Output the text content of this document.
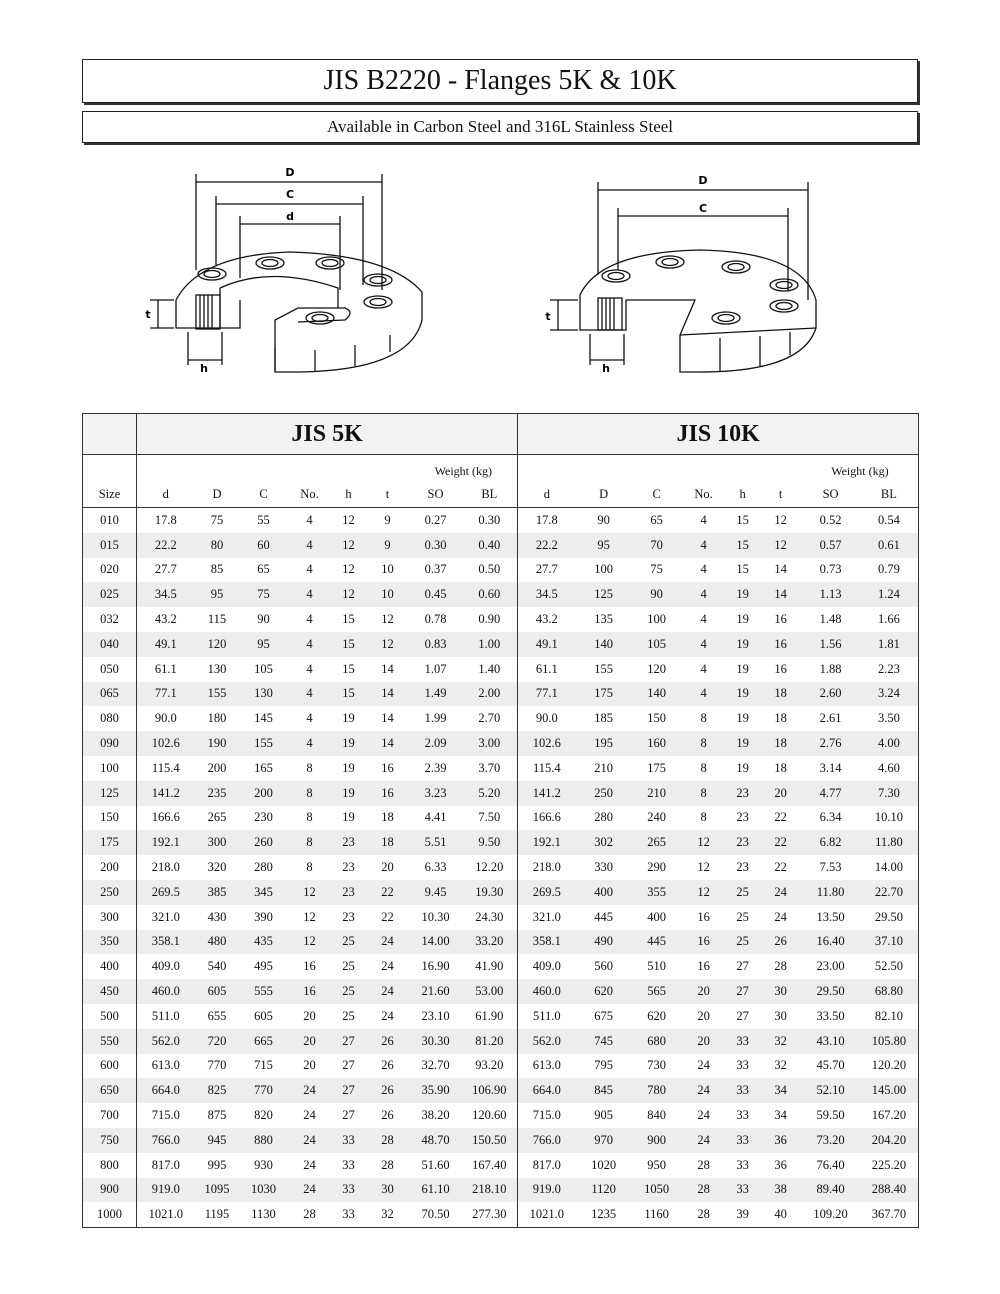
JIS B2220 - Flanges 5K & 10K
Available in Carbon Steel and 316L Stainless Steel
D
C
d
t
h
D
C
t
h
	JIS 5K								JIS 10K							
							Weight (kg)								Weight (kg)	
Size	d	D	C	No.	h	t	SO	BL	d	D	C	No.	h	t	SO	BL
010	17.8	75	55	4	12	9	0.27	0.30	17.8	90	65	4	15	12	0.52	0.54
015	22.2	80	60	4	12	9	0.30	0.40	22.2	95	70	4	15	12	0.57	0.61
020	27.7	85	65	4	12	10	0.37	0.50	27.7	100	75	4	15	14	0.73	0.79
025	34.5	95	75	4	12	10	0.45	0.60	34.5	125	90	4	19	14	1.13	1.24
032	43.2	115	90	4	15	12	0.78	0.90	43.2	135	100	4	19	16	1.48	1.66
040	49.1	120	95	4	15	12	0.83	1.00	49.1	140	105	4	19	16	1.56	1.81
050	61.1	130	105	4	15	14	1.07	1.40	61.1	155	120	4	19	16	1.88	2.23
065	77.1	155	130	4	15	14	1.49	2.00	77.1	175	140	4	19	18	2.60	3.24
080	90.0	180	145	4	19	14	1.99	2.70	90.0	185	150	8	19	18	2.61	3.50
090	102.6	190	155	4	19	14	2.09	3.00	102.6	195	160	8	19	18	2.76	4.00
100	115.4	200	165	8	19	16	2.39	3.70	115.4	210	175	8	19	18	3.14	4.60
125	141.2	235	200	8	19	16	3.23	5.20	141.2	250	210	8	23	20	4.77	7.30
150	166.6	265	230	8	19	18	4.41	7.50	166.6	280	240	8	23	22	6.34	10.10
175	192.1	300	260	8	23	18	5.51	9.50	192.1	302	265	12	23	22	6.82	11.80
200	218.0	320	280	8	23	20	6.33	12.20	218.0	330	290	12	23	22	7.53	14.00
250	269.5	385	345	12	23	22	9.45	19.30	269.5	400	355	12	25	24	11.80	22.70
300	321.0	430	390	12	23	22	10.30	24.30	321.0	445	400	16	25	24	13.50	29.50
350	358.1	480	435	12	25	24	14.00	33.20	358.1	490	445	16	25	26	16.40	37.10
400	409.0	540	495	16	25	24	16.90	41.90	409.0	560	510	16	27	28	23.00	52.50
450	460.0	605	555	16	25	24	21.60	53.00	460.0	620	565	20	27	30	29.50	68.80
500	511.0	655	605	20	25	24	23.10	61.90	511.0	675	620	20	27	30	33.50	82.10
550	562.0	720	665	20	27	26	30.30	81.20	562.0	745	680	20	33	32	43.10	105.80
600	613.0	770	715	20	27	26	32.70	93.20	613.0	795	730	24	33	32	45.70	120.20
650	664.0	825	770	24	27	26	35.90	106.90	664.0	845	780	24	33	34	52.10	145.00
700	715.0	875	820	24	27	26	38.20	120.60	715.0	905	840	24	33	34	59.50	167.20
750	766.0	945	880	24	33	28	48.70	150.50	766.0	970	900	24	33	36	73.20	204.20
800	817.0	995	930	24	33	28	51.60	167.40	817.0	1020	950	28	33	36	76.40	225.20
900	919.0	1095	1030	24	33	30	61.10	218.10	919.0	1120	1050	28	33	38	89.40	288.40
1000	1021.0	1195	1130	28	33	32	70.50	277.30	1021.0	1235	1160	28	39	40	109.20	367.70
